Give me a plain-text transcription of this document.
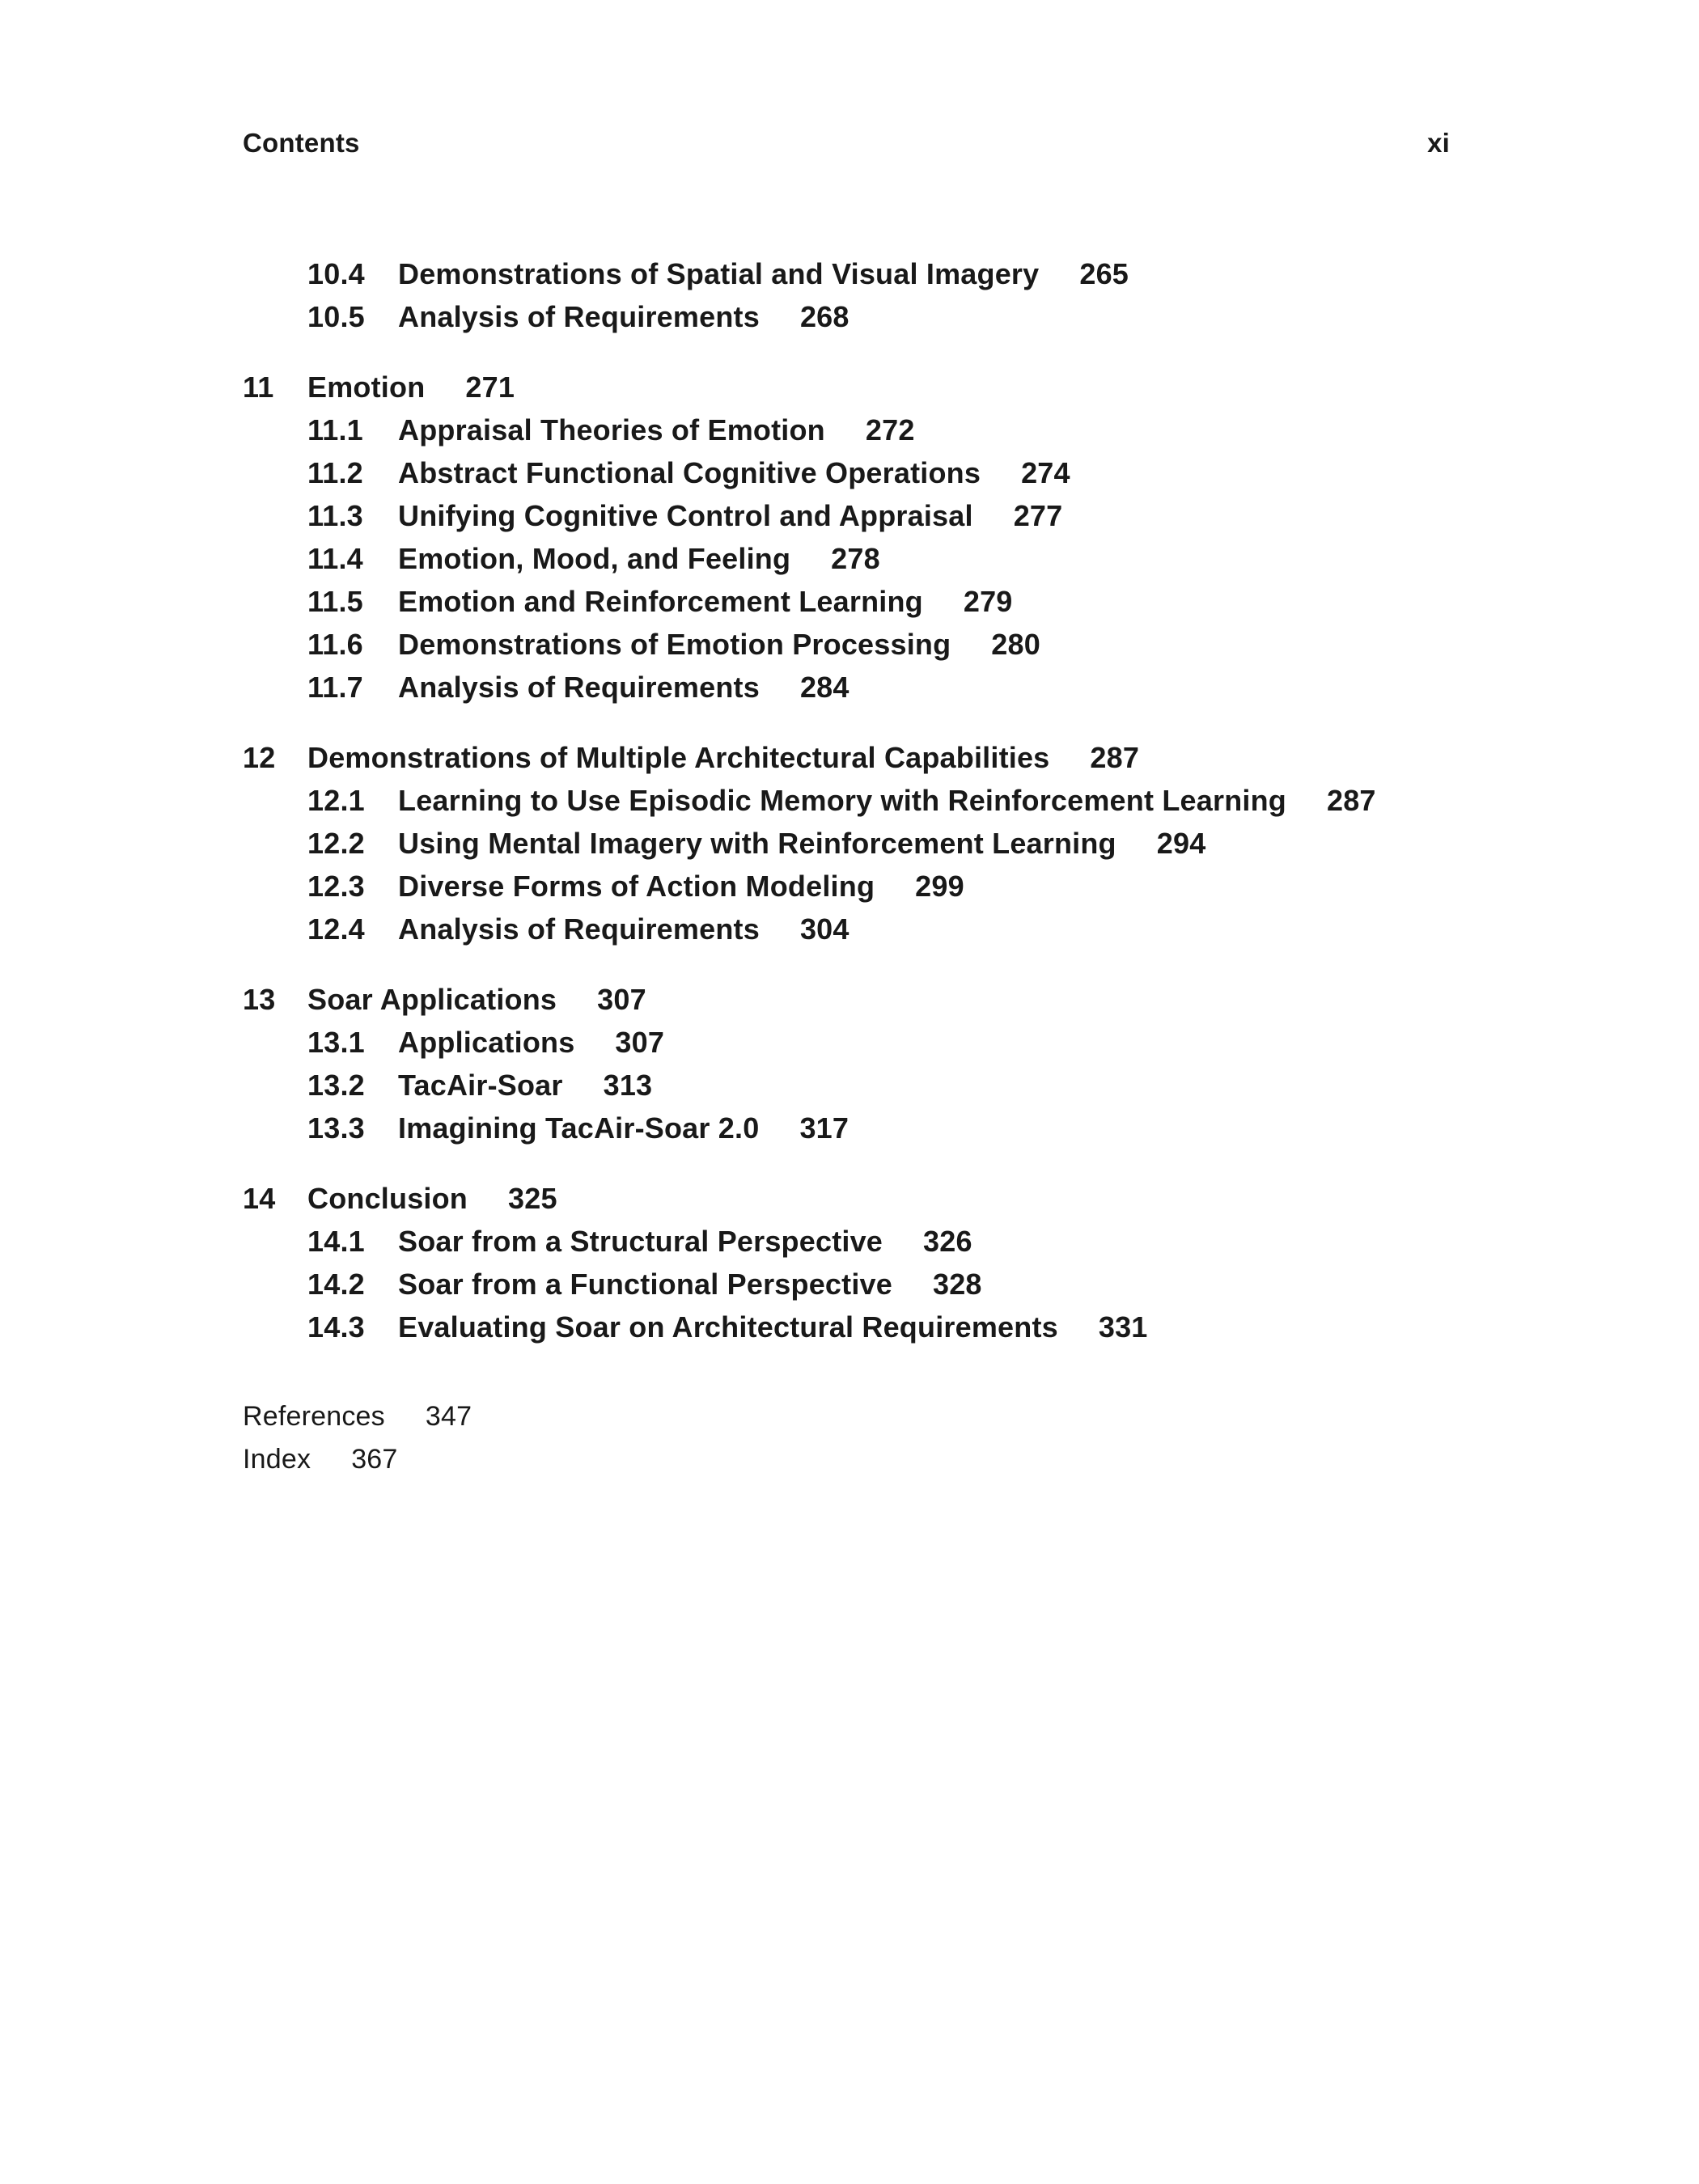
Contents	xi
10.4	Demonstrations of Spatial and Visual Imagery 265
10.5	Analysis of Requirements 268
11	Emotion 271
11.1	Appraisal Theories of Emotion 272
11.2	Abstract Functional Cognitive Operations 274
11.3	Unifying Cognitive Control and Appraisal 277
11.4	Emotion, Mood, and Feeling 278
11.5	Emotion and Reinforcement Learning 279
11.6	Demonstrations of Emotion Processing 280
11.7	Analysis of Requirements 284
12	Demonstrations of Multiple Architectural Capabilities 287
12.1	Learning to Use Episodic Memory with Reinforcement Learning 287
12.2	Using Mental Imagery with Reinforcement Learning 294
12.3	Diverse Forms of Action Modeling 299
12.4	Analysis of Requirements 304
13	Soar Applications 307
13.1	Applications 307
13.2	TacAir-Soar 313
13.3	Imagining TacAir-Soar 2.0 317
14	Conclusion 325
14.1	Soar from a Structural Perspective 326
14.2	Soar from a Functional Perspective 328
14.3	Evaluating Soar on Architectural Requirements 331
References 347
Index 367
